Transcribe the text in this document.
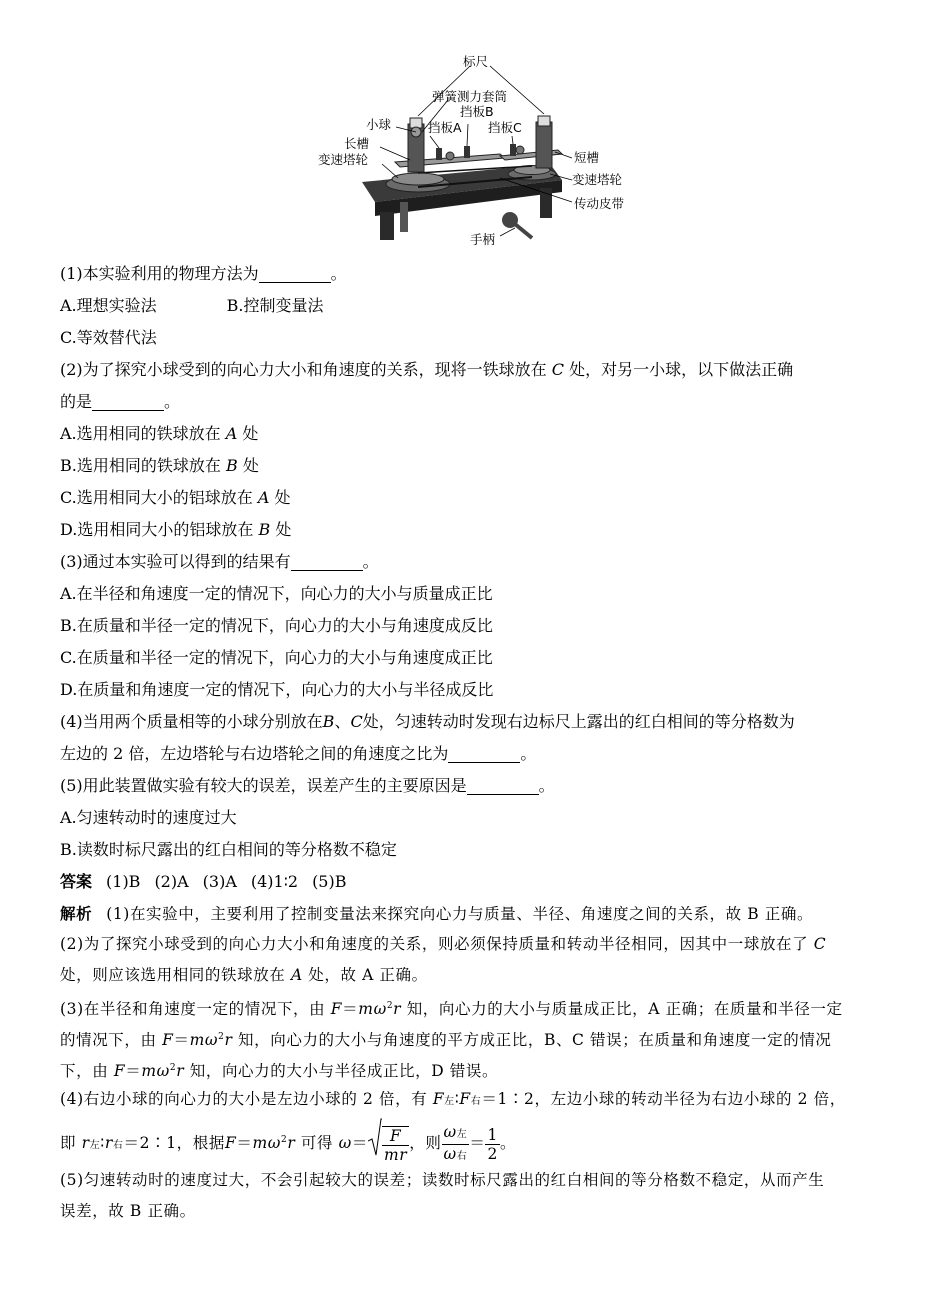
标尺
弹簧测力套筒
挡板B
小球	挡板A 挡板C
长槽
变速塔轮	短槽
变速塔轮
传动皮带
手柄
(1)本实验利用的物理方法为	。
A.理想实验法	B.控制变量法
C.等效替代法
(2)为了探究小球受到的向心力大小和角速度的关系，现将一铁球放在 C 处，对另一小球，以下做法正确
的是	。
A.选用相同的铁球放在 A 处
B.选用相同的铁球放在 B 处
C.选用相同大小的铝球放在 A 处
D.选用相同大小的铝球放在 B 处
(3)通过本实验可以得到的结果有	。
A.在半径和角速度一定的情况下，向心力的大小与质量成正比
B.在质量和半径一定的情况下，向心力的大小与角速度成反比
C.在质量和半径一定的情况下，向心力的大小与角速度成正比
D.在质量和角速度一定的情况下，向心力的大小与半径成反比
(4)当用两个质量相等的小球分别放在B、C处，匀速转动时发现右边标尺上露出的红白相间的等分格数为
左边的 2 倍，左边塔轮与右边塔轮之间的角速度之比为	。
(5)用此装置做实验有较大的误差，误差产生的主要原因是	。
A.匀速转动时的速度过大
B.读数时标尺露出的红白相间的等分格数不稳定
答案 (1)B (2)A (3)A (4)1∶2 (5)B
解析 (1)在实验中，主要利用了控制变量法来探究向心力与质量、半径、角速度之间的关系，故 B 正确。
(2)为了探究小球受到的向心力大小和角速度的关系，则必须保持质量和转动半径相同，因其中一球放在了 C
处，则应该选用相同的铁球放在 A 处，故 A 正确。
(3)在半径和角速度一定的情况下，由 $F=m\omega^2r$ 知，向心力的大小与质量成正比，A 正确；在质量和半径一定
的情况下，由 $F=m\omega^2r$ 知，向心力的大小与角速度的平方成正比，B、C 错误；在质量和角速度一定的情况
下，由 $F=m\omega^2r$ 知，向心力的大小与半径成正比，D 错误。
(4)右边小球的向心力的大小是左边小球的 2 倍，有 F左∶F右＝1∶2，左边小球的转动半径为右边小球的 2 倍，
即 r左∶r右＝2∶1，根据$F=m\omega^2r$ 可得 $\omega= \frac{F}{mr}$ ，则 $\frac{\text{ω左}}{\text{ω右}} = \frac{1}{2}$ 。
(5)匀速转动时的速度过大，不会引起较大的误差；读数时标尺露出的红白相间的等分格数不稳定，从而产生
误差，故 B 正确。
